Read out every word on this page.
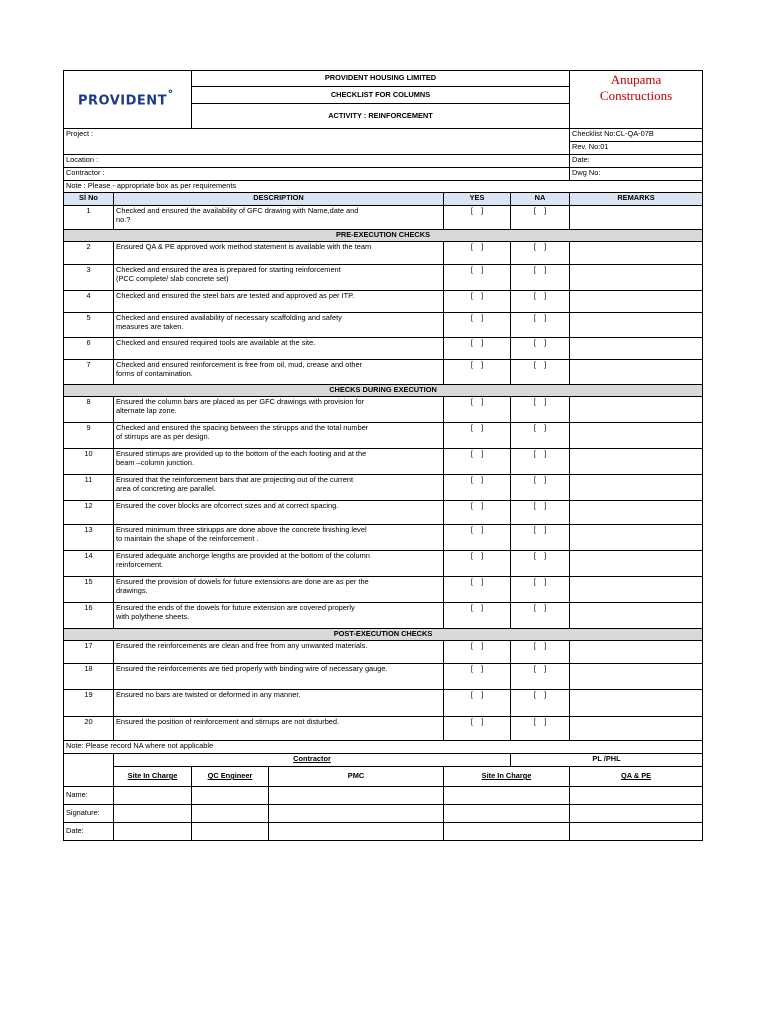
PROVIDENT˚		PROVIDENT HOUSING LIMITED				Anupama
Constructions

		CHECKLIST FOR COLUMNS				
		ACTIVITY : REINFORCEMENT				
Project :						Checklist No:CL-QA-07B
						Rev. No:01
Location :						Date:
Contractor :						Dwg No:
Note : Please - appropriate box as per requirements						
Sl No	DESCRIPTION			YES	NA	REMARKS
1	Checked and ensured the availability of GFC drawing with Name,date and
no.?			[    ]	[    ]	
PRE-EXECUTION CHECKS						
2	Ensured QA & PE approved work method statement is available with the team			[    ]	[    ]	
3	Checked and ensured the area is prepared for starting reinforcement
(PCC complete/ slab concrete set)			[    ]	[    ]	
4	Checked and ensured the steel bars are tested and approved as per ITP.			[    ]	[    ]	
5	Checked and ensured availability of necessary scaffolding and safety
measures are taken.			[    ]	[    ]	
6	Checked and ensured required tools are available at the site.			[    ]	[    ]	
7	Checked and ensured reinforcement is free from oil, mud, crease and other
forms of contamination.			[    ]	[    ]	
CHECKS DURING EXECUTION						
8	Ensured the column bars are placed as per GFC drawings with provision for
alternate lap zone.			[    ]	[    ]	
9	Checked and ensured the spacing between the stirupps and the total number
of stirrups are as per design.			[    ]	[    ]	
10	Ensured stirrups are provided up to the bottom of the each footing and at the
beam –column junction.			[    ]	[    ]	
11	Ensured that the reinforcement bars that are projecting out of the current
area of concreting are parallel.			[    ]	[    ]	
12	Ensured the cover blocks are ofcorrect sizes and at correct spacing.			[    ]	[    ]	
13	Ensured minimum three stiriupps are done above the concrete finishing level
to maintain the shape of the reinforcement .			[    ]	[    ]	
14	Ensured adequate anchorge lengths are provided at the bottom of the column
reinforcement.			[    ]	[    ]	
15	Ensured the provision of dowels for future extensions are done are as per the
drawings.			[    ]	[    ]	
16	Ensured the ends of the dowels for future extension are covered properly
with polythene sheets.			[    ]	[    ]	
POST-EXECUTION CHECKS						
17	Ensured the reinforcements are clean and free from any unwanted materials.			[    ]	[    ]	
18	Ensured the reinforcements are tied properly with binding wire of necessary gauge.			[    ]	[    ]	
19	Ensured no bars are twisted or deformed in any manner.			[    ]	[    ]	
20	Ensured the position of reinforcement and stirrups are not disturbed.			[    ]	[    ]	
Note: Please record NA where not applicable						
	Contractor				PL /PHL	
	Site In Charge	QC Engineer	PMC	Site In Charge		QA & PE
Name:						
Signature:						
Date:						
